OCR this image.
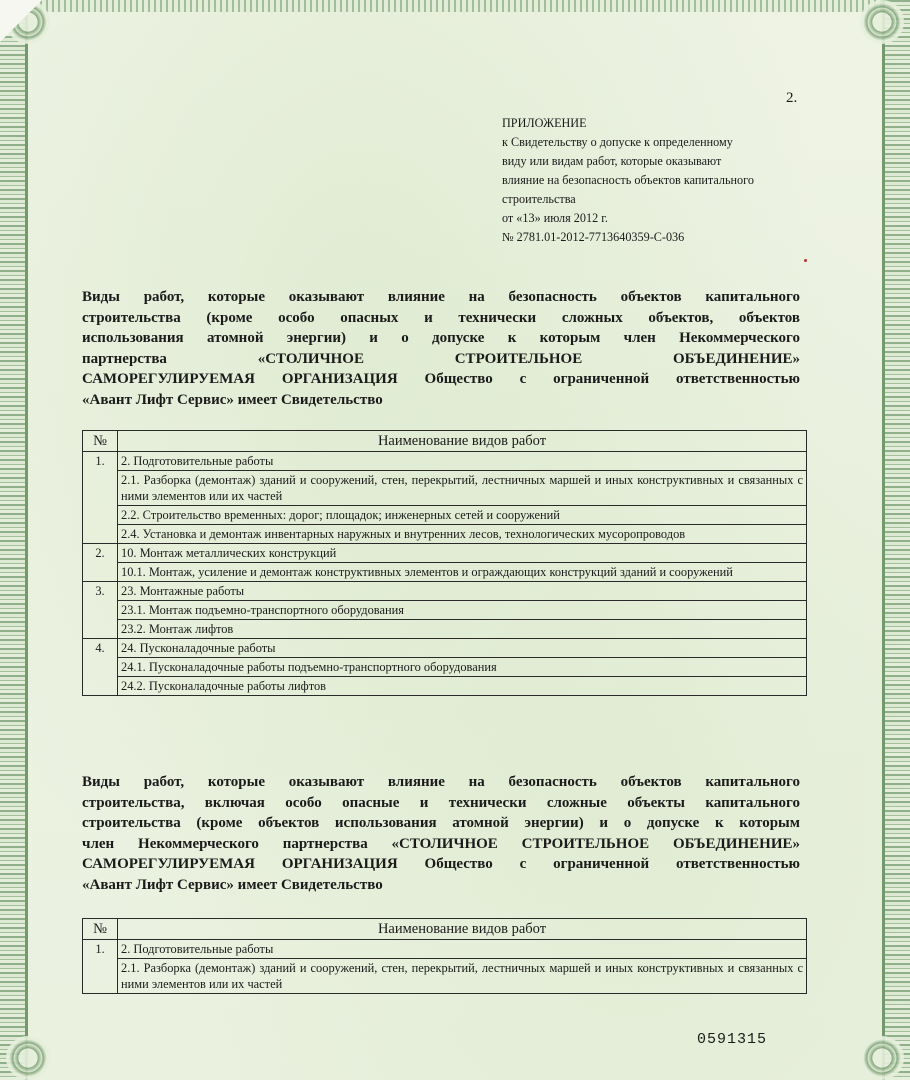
2.
ПРИЛОЖЕНИЕ
к Свидетельству о допуске к определенному
виду или видам работ, которые оказывают
влияние на безопасность объектов капитального
строительства
от «13» июля 2012 г.
№ 2781.01-2012-7713640359-С-036
Виды работ, которые оказывают влияние на безопасность объектов капитального
строительства (кроме особо опасных и технически сложных объектов, объектов
использования атомной энергии) и о допуске к которым член Некоммерческого
партнерства «СТОЛИЧНОЕ СТРОИТЕЛЬНОЕ ОБЪЕДИНЕНИЕ»
САМОРЕГУЛИРУЕМАЯ ОРГАНИЗАЦИЯ Общество с ограниченной ответственностью
«Авант Лифт Сервис» имеет Свидетельство
№	Наименование видов работ
1.	2. Подготовительные работы
	2.1. Разборка (демонтаж) зданий и сооружений, стен, перекрытий, лестничных маршей и иных конструктивных и связанных с ними элементов или их частей
	2.2. Строительство временных: дорог; площадок; инженерных сетей и сооружений
	2.4. Установка и демонтаж инвентарных наружных и внутренних лесов, технологических мусоропроводов
2.	10. Монтаж металлических конструкций
	10.1. Монтаж, усиление и демонтаж конструктивных элементов и ограждающих конструкций зданий и сооружений
3.	23. Монтажные работы
	23.1. Монтаж подъемно-транспортного оборудования
	23.2. Монтаж лифтов
4.	24. Пусконаладочные работы
	24.1. Пусконаладочные работы подъемно-транспортного оборудования
	24.2. Пусконаладочные работы лифтов
Виды работ, которые оказывают влияние на безопасность объектов капитального
строительства, включая особо опасные и технически сложные объекты капитального
строительства (кроме объектов использования атомной энергии) и о допуске к которым
член Некоммерческого партнерства «СТОЛИЧНОЕ СТРОИТЕЛЬНОЕ ОБЪЕДИНЕНИЕ»
САМОРЕГУЛИРУЕМАЯ ОРГАНИЗАЦИЯ Общество с ограниченной ответственностью
«Авант Лифт Сервис» имеет Свидетельство
№	Наименование видов работ
1.	2. Подготовительные работы
	2.1. Разборка (демонтаж) зданий и сооружений, стен, перекрытий, лестничных маршей и иных конструктивных и связанных с ними элементов или их частей
0591315
